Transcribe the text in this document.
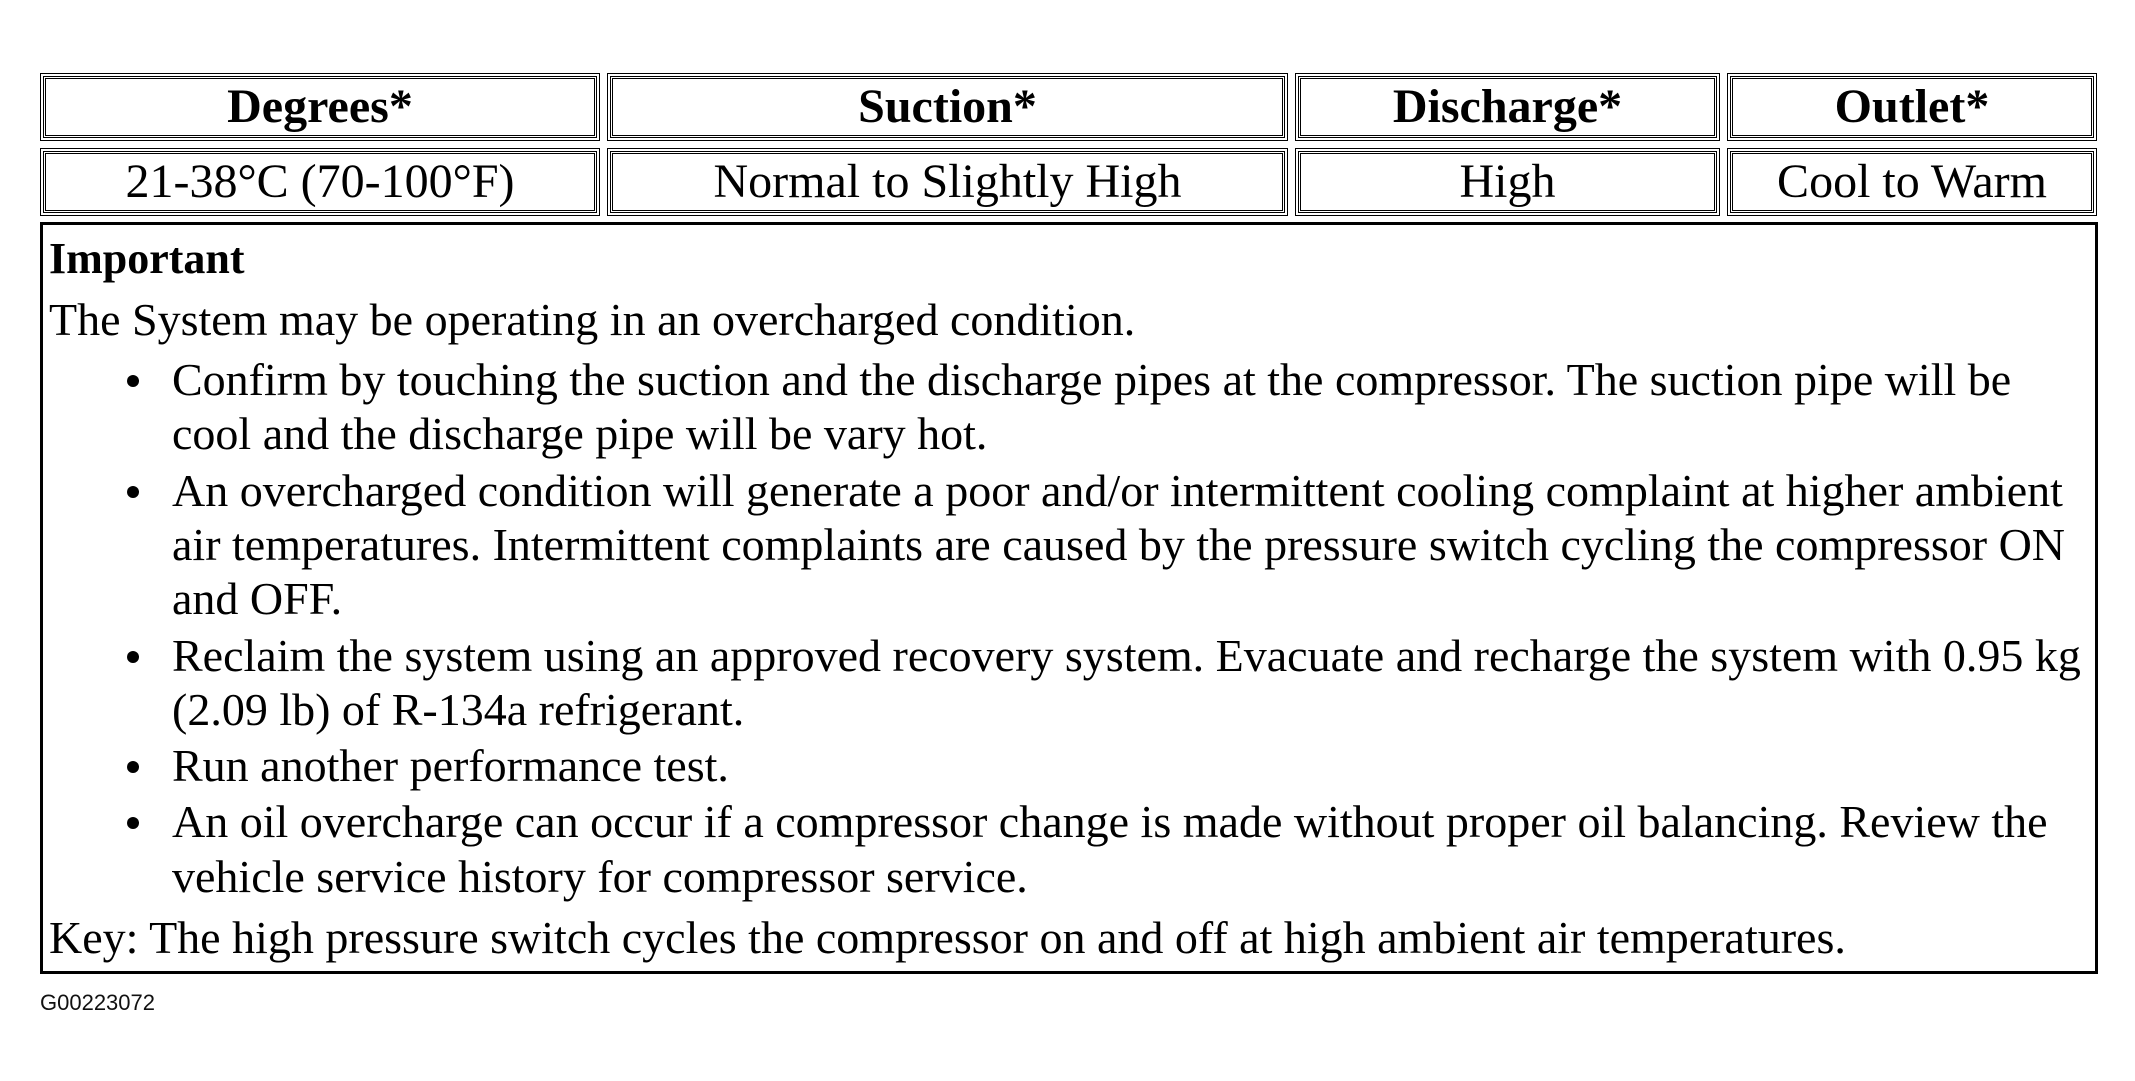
Degrees*	Suction*	Discharge*	Outlet*
21-38°C (70-100°F)	Normal to Slightly High	High	Cool to Warm
Important
The System may be operating in an overcharged condition.
Confirm by touching the suction and the discharge pipes at the compressor. The suction pipe will be cool and the discharge pipe will be vary hot.
An overcharged condition will generate a poor and/or intermittent cooling complaint at higher ambient air temperatures. Intermittent complaints are caused by the pressure switch cycling the compressor ON and OFF.
Reclaim the system using an approved recovery system. Evacuate and recharge the system with 0.95 kg (2.09 lb) of R-134a refrigerant.
Run another performance test.
An oil overcharge can occur if a compressor change is made without proper oil balancing. Review the vehicle service history for compressor service.
Key: The high pressure switch cycles the compressor on and off at high ambient air temperatures.
G00223072
